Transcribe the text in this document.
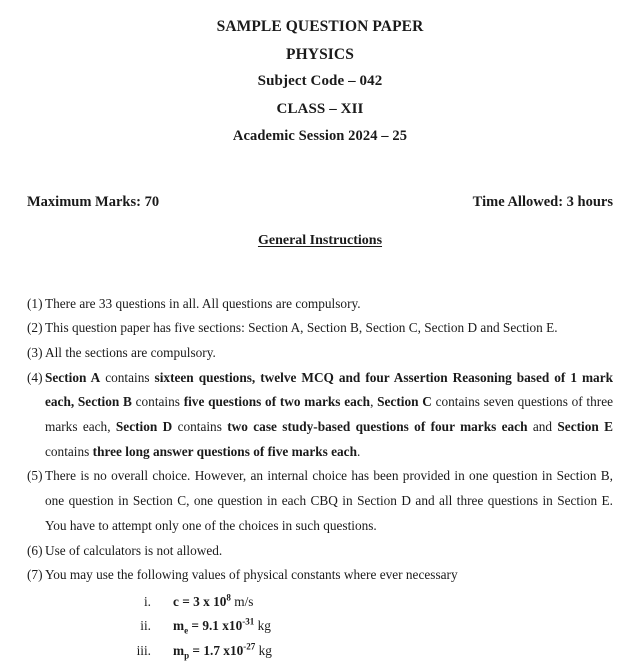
SAMPLE QUESTION PAPER
PHYSICS
Subject Code – 042
CLASS – XII
Academic Session 2024 – 25
Maximum Marks: 70	Time Allowed: 3 hours
General Instructions
(1) There are 33 questions in all. All questions are compulsory.
(2) This question paper has five sections: Section A, Section B, Section C, Section D and Section E.
(3) All the sections are compulsory.
(4) Section A contains sixteen questions, twelve MCQ and four Assertion Reasoning based of 1 mark each, Section B contains five questions of two marks each, Section C contains seven questions of three marks each, Section D contains two case study-based questions of four marks each and Section E contains three long answer questions of five marks each.
(5) There is no overall choice. However, an internal choice has been provided in one question in Section B, one question in Section C, one question in each CBQ in Section D and all three questions in Section E. You have to attempt only one of the choices in such questions.
(6) Use of calculators is not allowed.
(7) You may use the following values of physical constants where ever necessary
i. c = 3 x $10^8$ m/s
ii. $m_e = 9.1$ $x10^{-31}$ kg
iii. $m_p = 1.7$ $x10^{-27}$ kg
